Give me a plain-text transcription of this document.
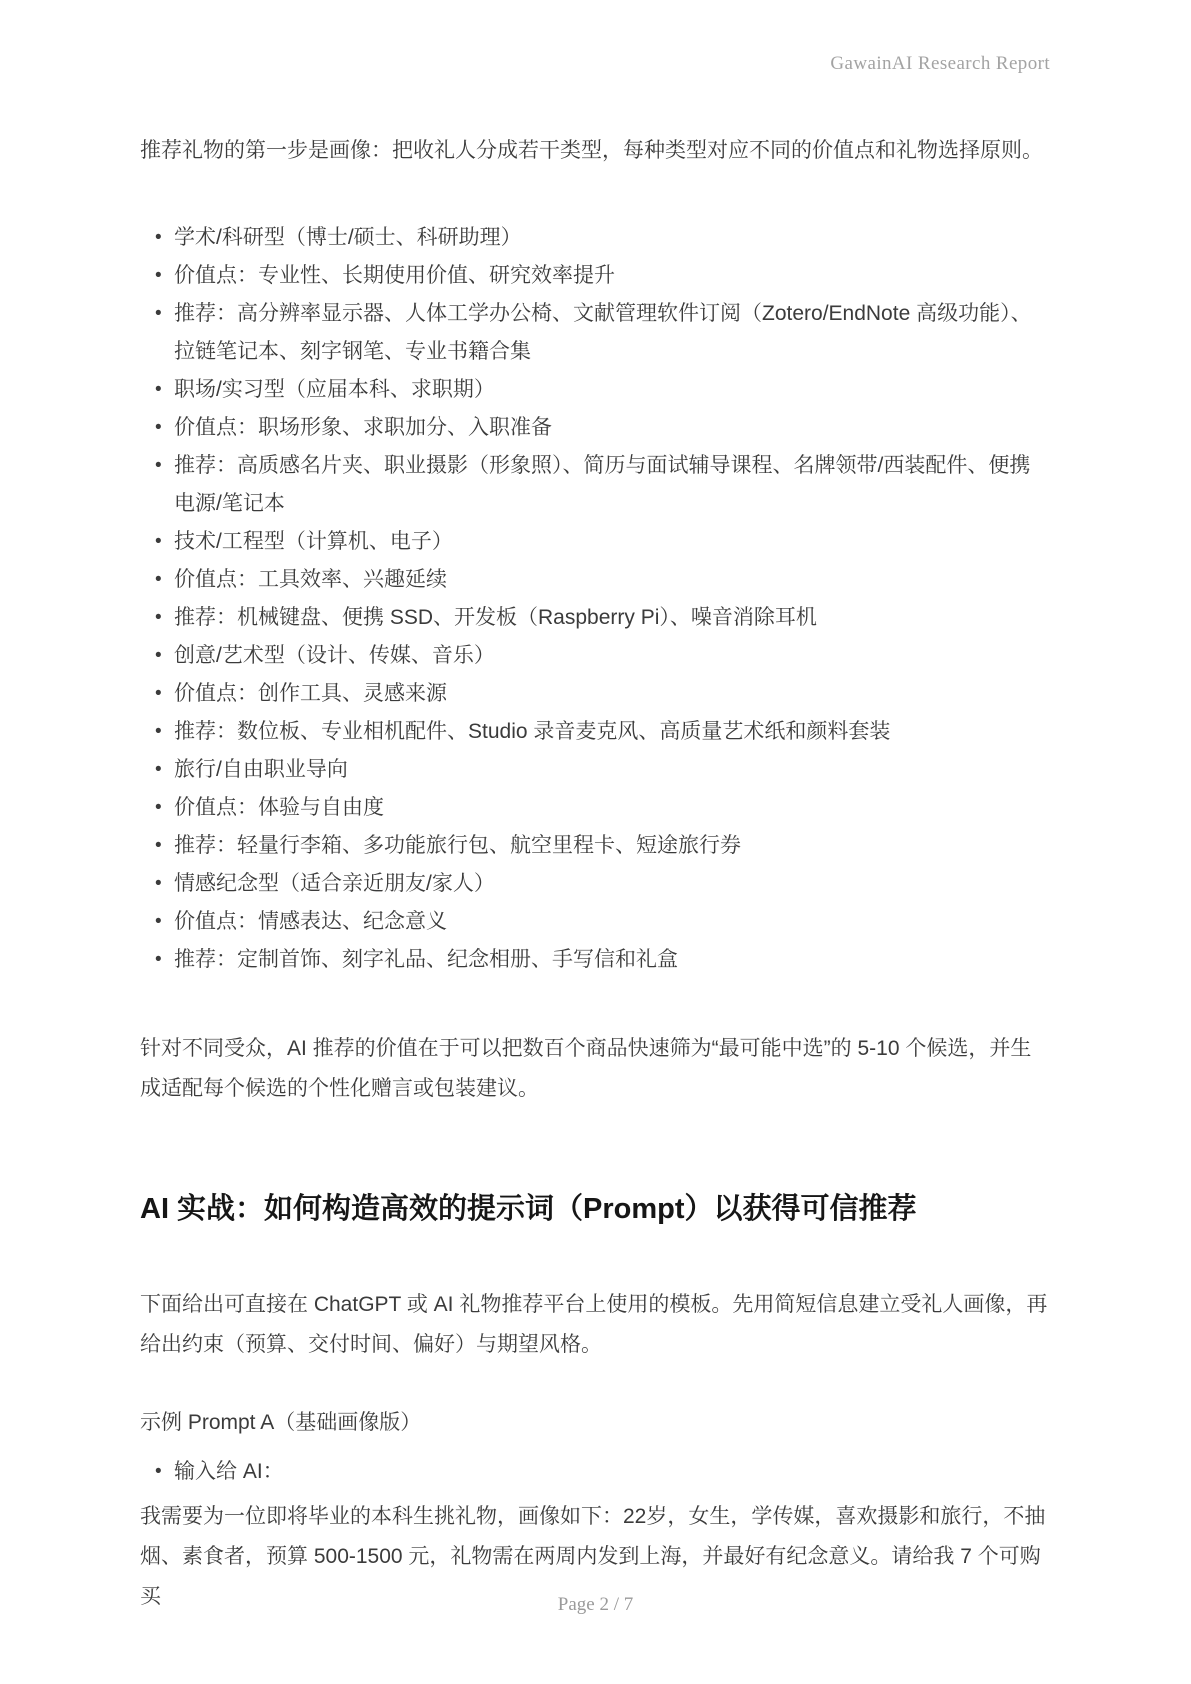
GawainAI Research Report

推荐礼物的第一步是画像：把收礼人分成若干类型，每种类型对应不同的价值点和礼物选择原则。

• 学术/科研型（博士/硕士、科研助理）
• 价值点：专业性、长期使用价值、研究效率提升
• 推荐：高分辨率显示器、人体工学办公椅、文献管理软件订阅（Zotero/EndNote 高级功能）、拉链笔记本、刻字钢笔、专业书籍合集
• 职场/实习型（应届本科、求职期）
• 价值点：职场形象、求职加分、入职准备
• 推荐：高质感名片夹、职业摄影（形象照）、简历与面试辅导课程、名牌领带/西装配件、便携电源/笔记本
• 技术/工程型（计算机、电子）
• 价值点：工具效率、兴趣延续
• 推荐：机械键盘、便携 SSD、开发板（Raspberry Pi）、噪音消除耳机
• 创意/艺术型（设计、传媒、音乐）
• 价值点：创作工具、灵感来源
• 推荐：数位板、专业相机配件、Studio 录音麦克风、高质量艺术纸和颜料套装
• 旅行/自由职业导向
• 价值点：体验与自由度
• 推荐：轻量行李箱、多功能旅行包、航空里程卡、短途旅行券
• 情感纪念型（适合亲近朋友/家人）
• 价值点：情感表达、纪念意义
• 推荐：定制首饰、刻字礼品、纪念相册、手写信和礼盒

针对不同受众，AI 推荐的价值在于可以把数百个商品快速筛为“最可能中选”的 5-10 个候选，并生成适配每个候选的个性化赠言或包装建议。

AI 实战：如何构造高效的提示词（Prompt）以获得可信推荐

下面给出可直接在 ChatGPT 或 AI 礼物推荐平台上使用的模板。先用简短信息建立受礼人画像，再给出约束（预算、交付时间、偏好）与期望风格。

示例 Prompt A（基础画像版）

• 输入给 AI：

我需要为一位即将毕业的本科生挑礼物，画像如下：22岁，女生，学传媒，喜欢摄影和旅行，不抽烟、素食者，预算 500-1500 元，礼物需在两周内发到上海，并最好有纪念意义。请给我 7 个可购买	Page 2 / 7
